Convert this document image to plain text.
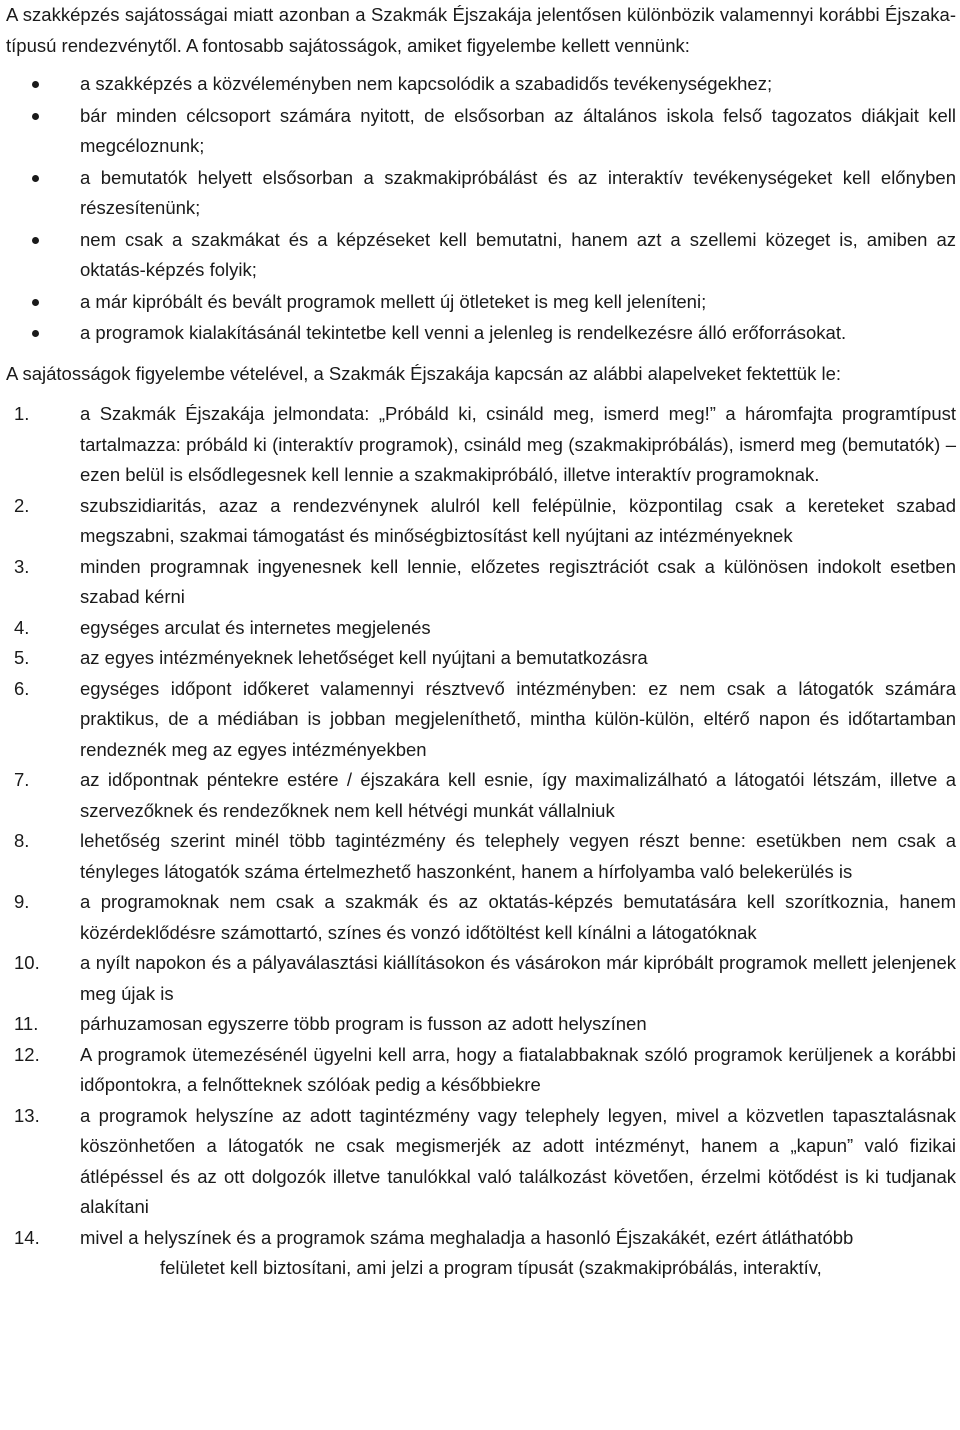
A szakképzés sajátosságai miatt azonban a Szakmák Éjszakája jelentősen különbözik valamennyi korábbi Éjszaka-típusú rendezvénytől. A fontosabb sajátosságok, amiket figyelembe kellett vennünk:

a szakképzés a közvéleményben nem kapcsolódik a szabadidős tevékenységekhez;
bár minden célcsoport számára nyitott, de elsősorban az általános iskola felső tagozatos diákjait kell megcéloznunk;
a bemutatók helyett elsősorban a szakmakipróbálást és az interaktív tevékenységeket kell előnyben részesítenünk;
nem csak a szakmákat és a képzéseket kell bemutatni, hanem azt a szellemi közeget is, amiben az oktatás-képzés folyik;
a már kipróbált és bevált programok mellett új ötleteket is meg kell jeleníteni;
a programok kialakításánál tekintetbe kell venni a jelenleg is rendelkezésre álló erőforrásokat.

A sajátosságok figyelembe vételével, a Szakmák Éjszakája kapcsán az alábbi alapelveket fektettük le:

1.	a Szakmák Éjszakája jelmondata: „Próbáld ki, csináld meg, ismerd meg!” a háromfajta programtípust tartalmazza: próbáld ki (interaktív programok), csináld meg (szakmakipróbálás), ismerd meg (bemutatók) – ezen belül is elsődlegesnek kell lennie a szakmakipróbáló, illetve interaktív programoknak.
2.	szubszidiaritás, azaz a rendezvénynek alulról kell felépülnie, központilag csak a kereteket szabad megszabni, szakmai támogatást és minőségbiztosítást kell nyújtani az intézményeknek
3.	minden programnak ingyenesnek kell lennie, előzetes regisztrációt csak a különösen indokolt esetben szabad kérni
4.	egységes arculat és internetes megjelenés
5.	az egyes intézményeknek lehetőséget kell nyújtani a bemutatkozásra
6.	egységes időpont időkeret valamennyi résztvevő intézményben: ez nem csak a látogatók számára praktikus, de a médiában is jobban megjeleníthető, mintha külön-külön, eltérő napon és időtartamban rendeznék meg az egyes intézményekben
7.	az időpontnak péntekre estére / éjszakára kell esnie, így maximalizálható a látogatói létszám, illetve a szervezőknek és rendezőknek nem kell hétvégi munkát vállalniuk
8.	lehetőség szerint minél több tagintézmény és telephely vegyen részt benne: esetükben nem csak a tényleges látogatók száma értelmezhető haszonként, hanem a hírfolyamba való belekerülés is
9.	a programoknak nem csak a szakmák és az oktatás-képzés bemutatására kell szorítkoznia, hanem közérdeklődésre számottartó, színes és vonzó időtöltést kell kínálni a látogatóknak
10. a nyílt napokon és a pályaválasztási kiállításokon és vásárokon már kipróbált programok mellett jelenjenek meg újak is
11. párhuzamosan egyszerre több program is fusson az adott helyszínen
12. A programok ütemezésénél ügyelni kell arra, hogy a fiatalabbaknak szóló programok kerüljenek a korábbi időpontokra, a felnőtteknek szólóak pedig a későbbiekre
13. a programok helyszíne az adott tagintézmény vagy telephely legyen, mivel a közvetlen tapasztalásnak köszönhetően a látogatók ne csak megismerjék az adott intézményt, hanem a „kapun” való fizikai átlépéssel és az ott dolgozók illetve tanulókkal való találkozást követően, érzelmi kötődést is ki tudjanak alakítani
14. mivel a helyszínek és a programok száma meghaladja a hasonló Éjszakákét, ezért átláthatóbb

felületet kell biztosítani, ami jelzi a program típusát (szakmakipróbálás, interaktív,
